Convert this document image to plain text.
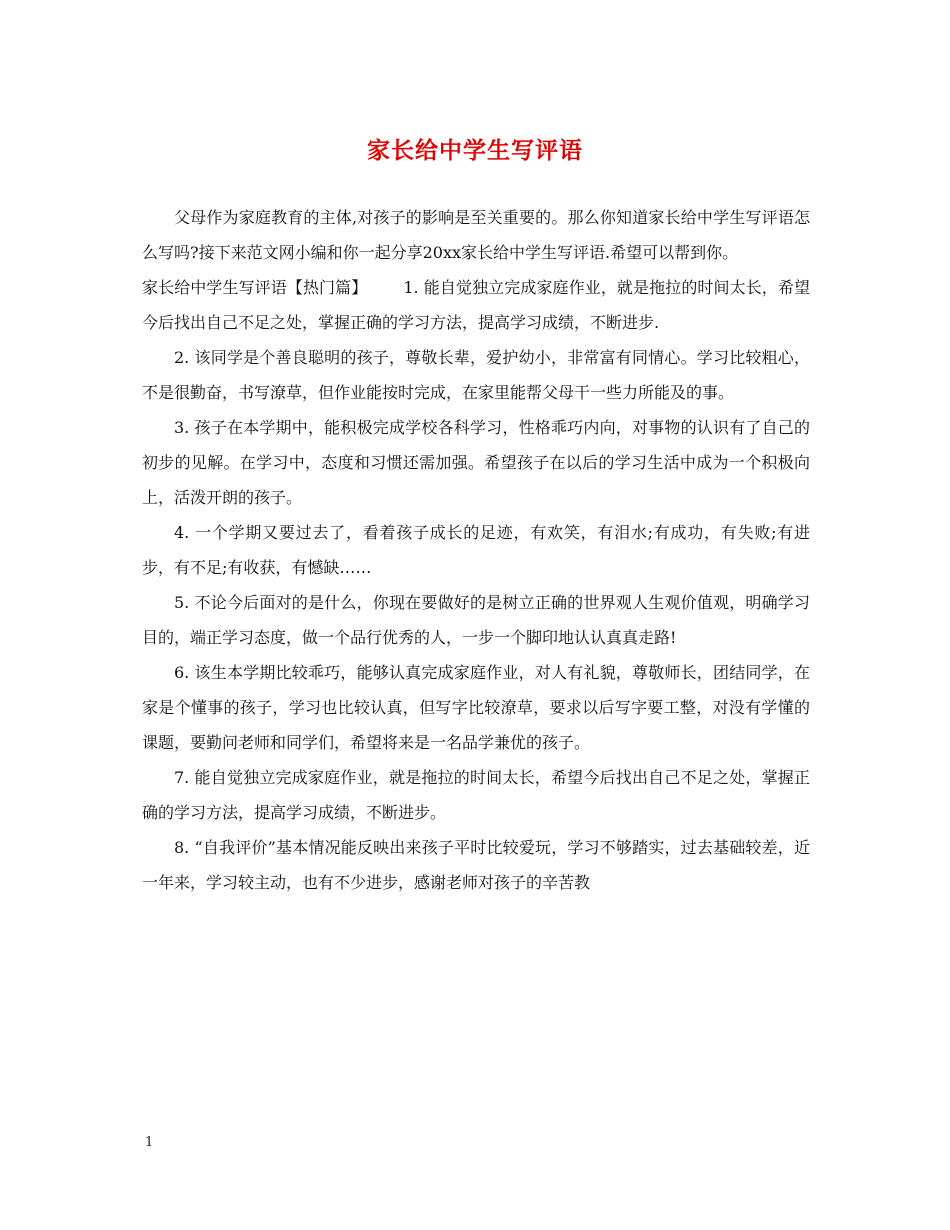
家长给中学生写评语

父母作为家庭教育的主体,对孩子的影响是至关重要的。那么你知道家长给中学生写评语怎么写吗?接下来范文网小编和你一起分享20xx家长给中学生写评语.希望可以帮到你。

家长给中学生写评语【热门篇】 1. 能自觉独立完成家庭作业，就是拖拉的时间太长，希望今后找出自己不足之处，掌握正确的学习方法，提高学习成绩，不断进步.

2. 该同学是个善良聪明的孩子，尊敬长辈，爱护幼小，非常富有同情心。学习比较粗心，不是很勤奋，书写潦草，但作业能按时完成，在家里能帮父母干一些力所能及的事。

3. 孩子在本学期中，能积极完成学校各科学习，性格乖巧内向，对事物的认识有了自己的初步的见解。在学习中，态度和习惯还需加强。希望孩子在以后的学习生活中成为一个积极向上，活泼开朗的孩子。

4. 一个学期又要过去了，看着孩子成长的足迹，有欢笑，有泪水;有成功，有失败;有进步，有不足;有收获，有憾缺……

5. 不论今后面对的是什么，你现在要做好的是树立正确的世界观人生观价值观，明确学习目的，端正学习态度，做一个品行优秀的人，一步一个脚印地认认真真走路!

6. 该生本学期比较乖巧，能够认真完成家庭作业，对人有礼貌，尊敬师长，团结同学，在家是个懂事的孩子，学习也比较认真，但写字比较潦草，要求以后写字要工整，对没有学懂的课题，要勤问老师和同学们，希望将来是一名品学兼优的孩子。

7. 能自觉独立完成家庭作业，就是拖拉的时间太长，希望今后找出自己不足之处，掌握正确的学习方法，提高学习成绩，不断进步。

8. “自我评价”基本情况能反映出来孩子平时比较爱玩，学习不够踏实，过去基础较差，近一年来，学习较主动，也有不少进步，感谢老师对孩子的辛苦教

1
